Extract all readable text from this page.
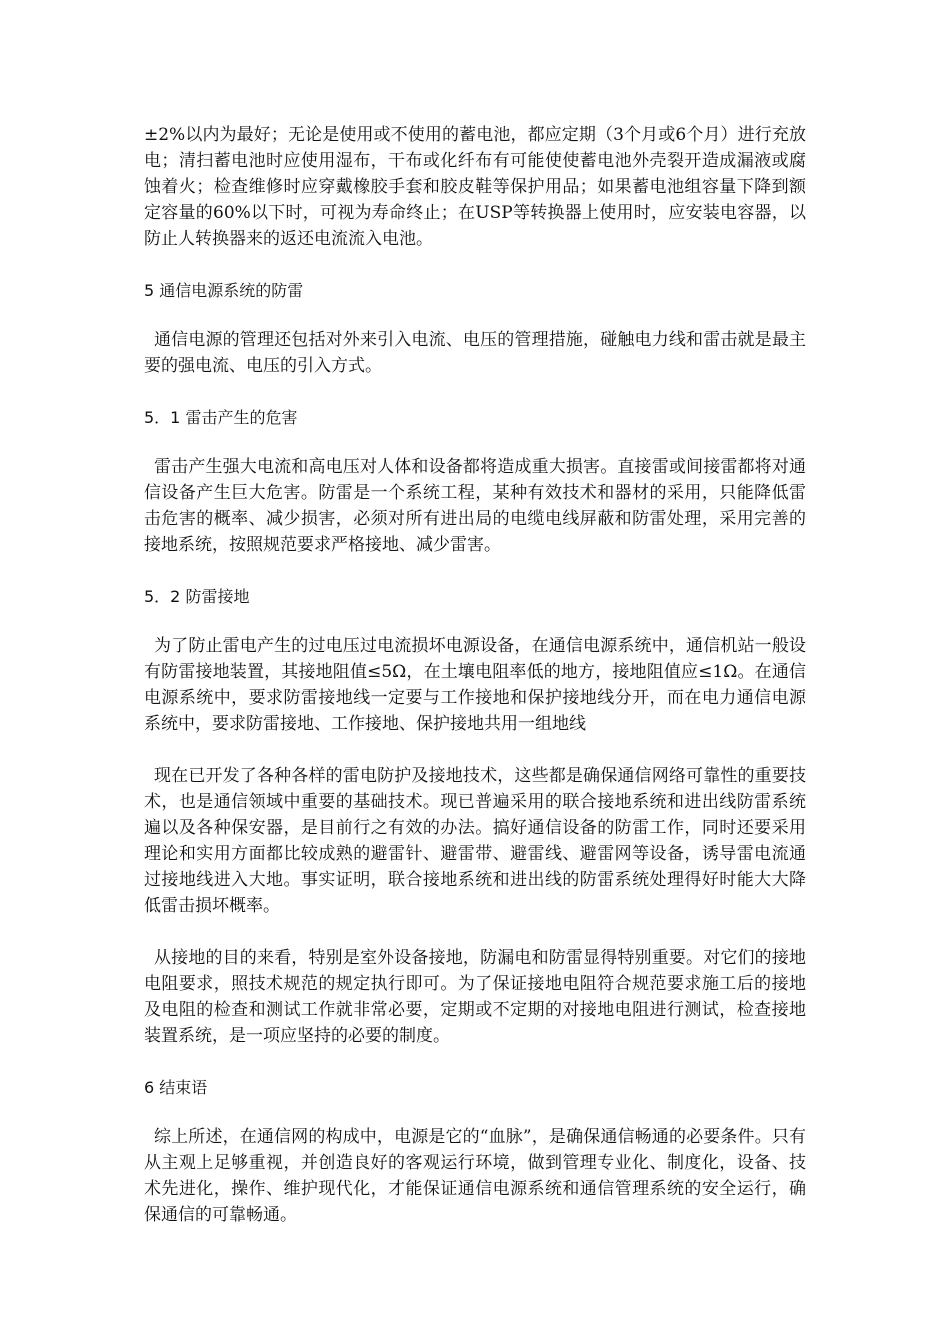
±2%以内为最好；无论是使用或不使用的蓄电池，都应定期（3个月或6个月）进行充放电；清扫蓄电池时应使用湿布，干布或化纤布有可能使使蓄电池外壳裂开造成漏液或腐蚀着火；检查维修时应穿戴橡胶手套和胶皮鞋等保护用品；如果蓄电池组容量下降到额定容量的60%以下时，可视为寿命终止；在USP等转换器上使用时，应安装电容器，以防止人转换器来的返还电流流入电池。

5 通信电源系统的防雷

通信电源的管理还包括对外来引入电流、电压的管理措施，碰触电力线和雷击就是最主要的强电流、电压的引入方式。

5．1 雷击产生的危害

雷击产生强大电流和高电压对人体和设备都将造成重大损害。直接雷或间接雷都将对通信设备产生巨大危害。防雷是一个系统工程，某种有效技术和器材的采用，只能降低雷击危害的概率、减少损害，必须对所有进出局的电缆电线屏蔽和防雷处理，采用完善的接地系统，按照规范要求严格接地、减少雷害。

5．2 防雷接地

为了防止雷电产生的过电压过电流损坏电源设备，在通信电源系统中，通信机站一般设有防雷接地装置，其接地阻值≤5Ω，在土壤电阻率低的地方，接地阻值应≤1Ω。在通信电源系统中，要求防雷接地线一定要与工作接地和保护接地线分开，而在电力通信电源系统中，要求防雷接地、工作接地、保护接地共用一组地线

现在已开发了各种各样的雷电防护及接地技术，这些都是确保通信网络可靠性的重要技术，也是通信领域中重要的基础技术。现已普遍采用的联合接地系统和进出线防雷系统遍以及各种保安器，是目前行之有效的办法。搞好通信设备的防雷工作，同时还要采用理论和实用方面都比较成熟的避雷针、避雷带、避雷线、避雷网等设备，诱导雷电流通过接地线进入大地。事实证明，联合接地系统和进出线的防雷系统处理得好时能大大降低雷击损坏概率。

从接地的目的来看，特别是室外设备接地，防漏电和防雷显得特别重要。对它们的接地电阻要求，照技术规范的规定执行即可。为了保证接地电阻符合规范要求施工后的接地及电阻的检查和测试工作就非常必要，定期或不定期的对接地电阻进行测试，检查接地装置系统，是一项应坚持的必要的制度。

6 结束语

综上所述，在通信网的构成中，电源是它的“血脉”，是确保通信畅通的必要条件。只有从主观上足够重视，并创造良好的客观运行环境，做到管理专业化、制度化，设备、技术先进化，操作、维护现代化，才能保证通信电源系统和通信管理系统的安全运行，确保通信的可靠畅通。
